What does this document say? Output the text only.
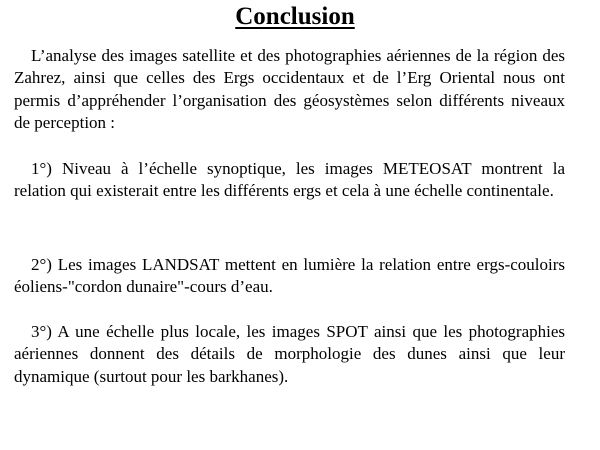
Conclusion

L’analyse des images satellite et des photographies aériennes de la région des Zahrez, ainsi que celles des Ergs occidentaux et de l’Erg Oriental nous ont permis d’appréhender l’organisation des géosystèmes selon différents niveaux de perception :

1°) Niveau à l’échelle synoptique, les images METEOSAT montrent la relation qui existerait entre les différents ergs et cela à une échelle continentale.

2°) Les images LANDSAT mettent en lumière la relation entre ergs-couloirs éoliens-"cordon dunaire"-cours d’eau.

3°) A une échelle plus locale, les images SPOT ainsi que les photographies aériennes donnent des détails de morphologie des dunes ainsi que leur dynamique (surtout pour les barkhanes).
